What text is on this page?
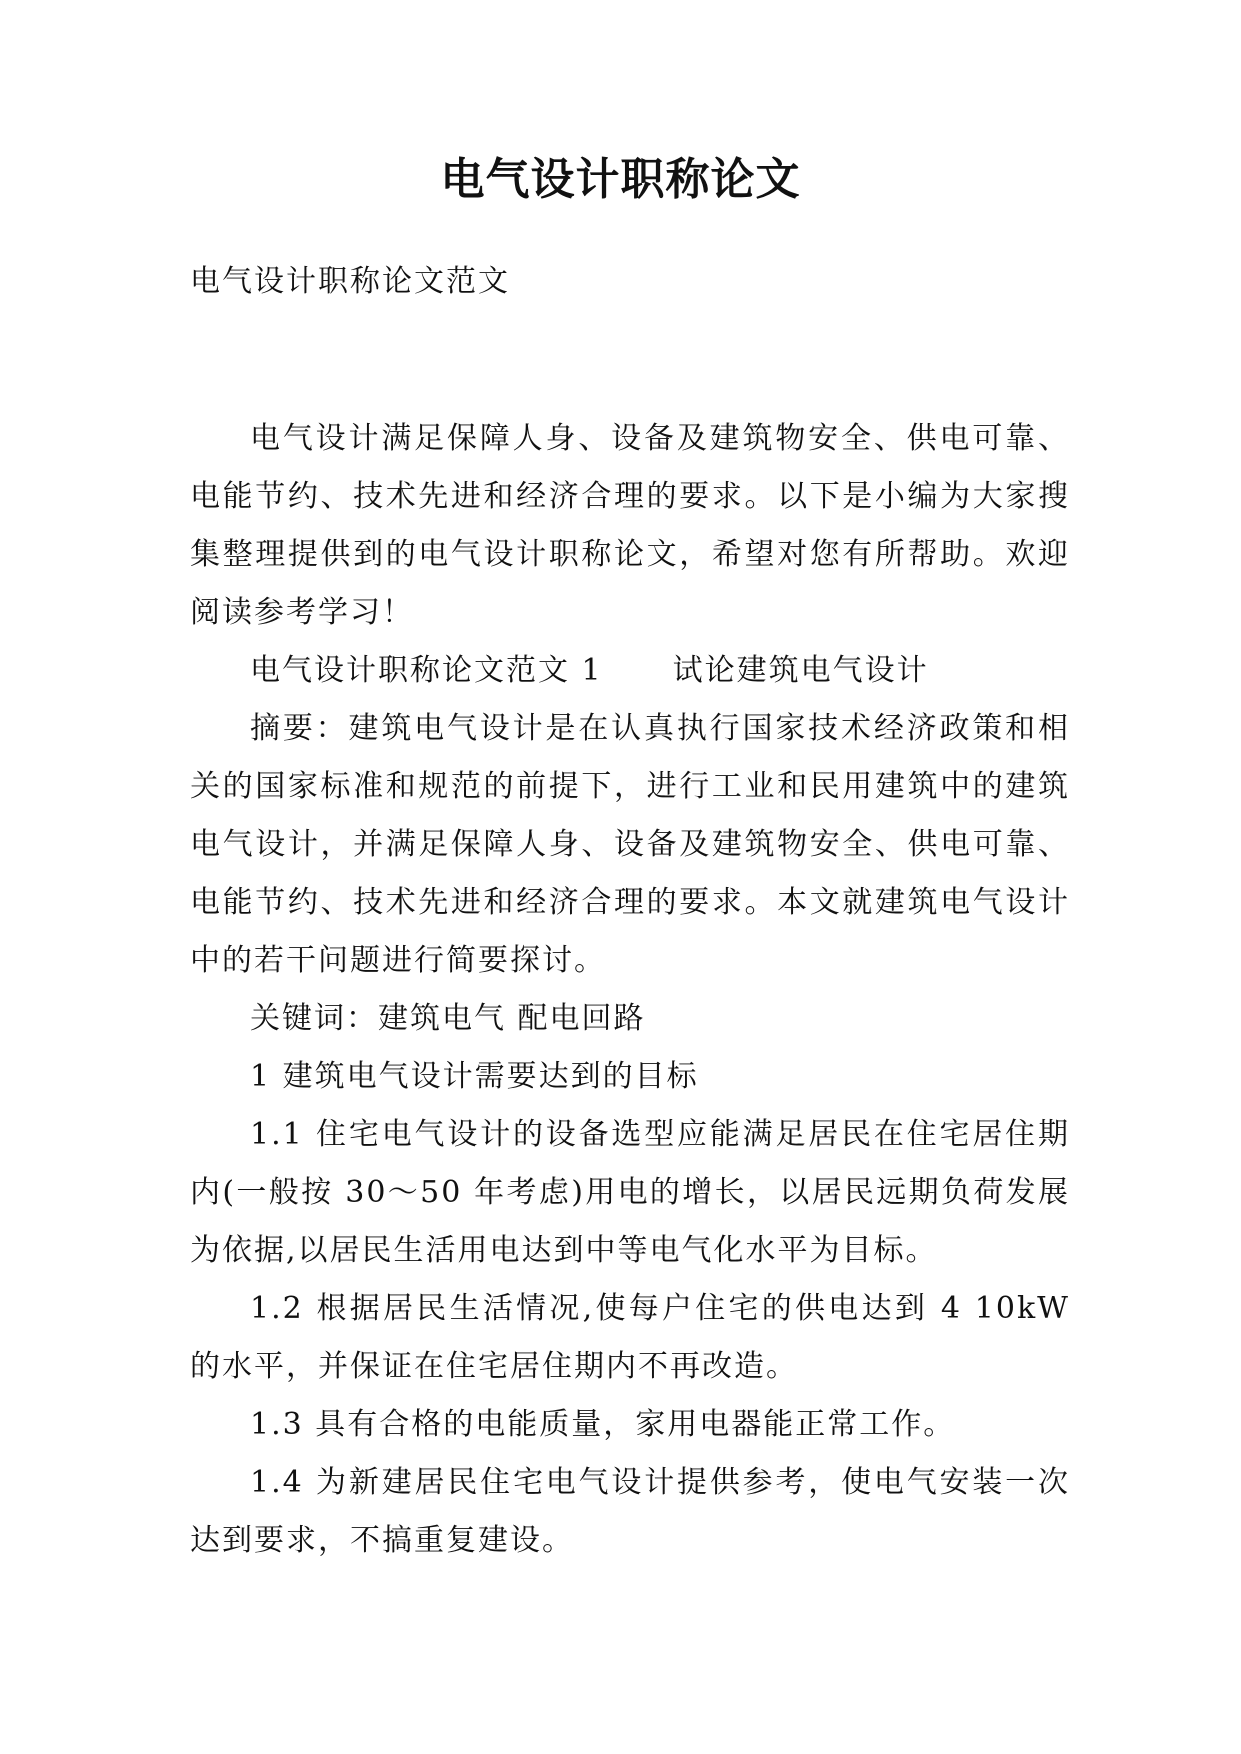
电气设计职称论文

电气设计职称论文范文

电气设计满足保障人身、设备及建筑物安全、供电可靠、电能节约、技术先进和经济合理的要求。以下是小编为大家搜集整理提供到的电气设计职称论文，希望对您有所帮助。欢迎阅读参考学习！

电气设计职称论文范文 1 试论建筑电气设计

摘要：建筑电气设计是在认真执行国家技术经济政策和相关的国家标准和规范的前提下，进行工业和民用建筑中的建筑电气设计，并满足保障人身、设备及建筑物安全、供电可靠、电能节约、技术先进和经济合理的要求。本文就建筑电气设计中的若干问题进行简要探讨。

关键词：建筑电气 配电回路

1 建筑电气设计需要达到的目标

1.1 住宅电气设计的设备选型应能满足居民在住宅居住期内(一般按 30～50 年考虑)用电的增长，以居民远期负荷发展为依据,以居民生活用电达到中等电气化水平为目标。

1.2 根据居民生活情况,使每户住宅的供电达到 4 10kW 的水平，并保证在住宅居住期内不再改造。

1.3 具有合格的电能质量，家用电器能正常工作。

1.4 为新建居民住宅电气设计提供参考，使电气安装一次达到要求，不搞重复建设。
